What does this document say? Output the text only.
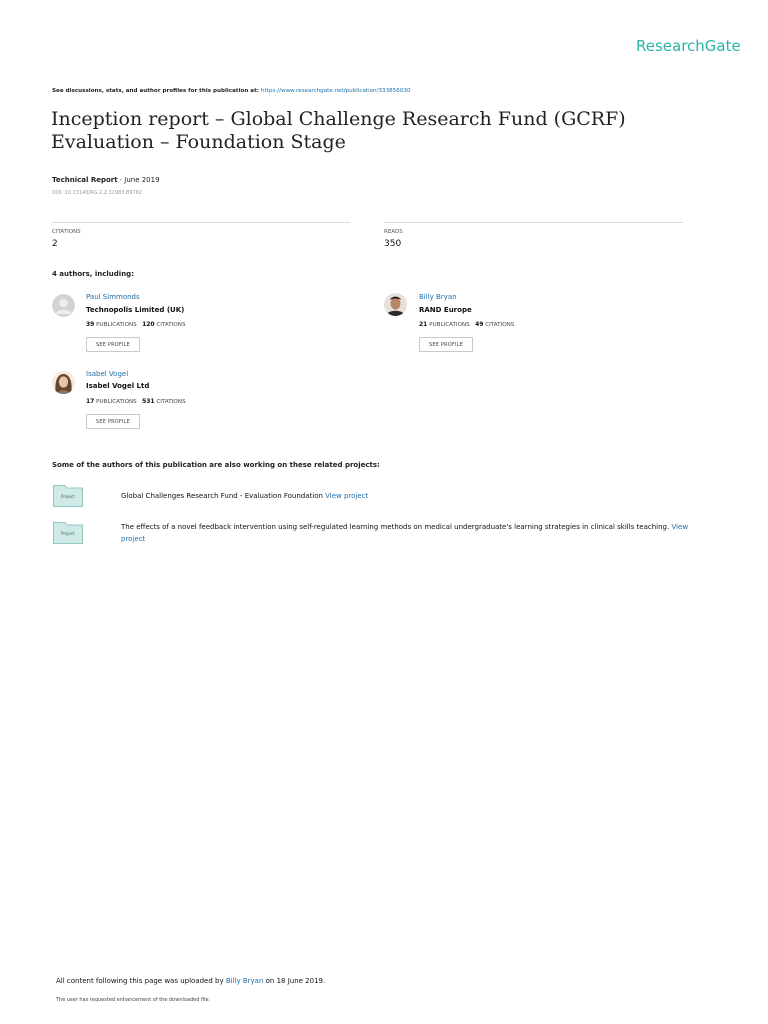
ResearchGate
See discussions, stats, and author profiles for this publication at: https://www.researchgate.net/publication/333856030
Inception report – Global Challenge Research Fund (GCRF) Evaluation – Foundation Stage
Technical Report · June 2019
DOI: 10.13140/RG.2.2.31983.89762
CITATIONS
2
READS
350
4 authors, including:
Paul Simmonds
Technopolis Limited (UK)
39 PUBLICATIONS 120 CITATIONS
SEE PROFILE
Billy Bryan
RAND Europe
21 PUBLICATIONS 49 CITATIONS
SEE PROFILE
Isabel Vogel
Isabel Vogel Ltd
17 PUBLICATIONS 531 CITATIONS
SEE PROFILE
Some of the authors of this publication are also working on these related projects:
Project	Global Challenges Research Fund - Evaluation Foundation View project
Project
The effects of a novel feedback intervention using self-regulated learning methods on medical undergraduate's learning strategies in clinical skills teaching. View project
All content following this page was uploaded by Billy Bryan on 18 June 2019.
The user has requested enhancement of the downloaded file.
